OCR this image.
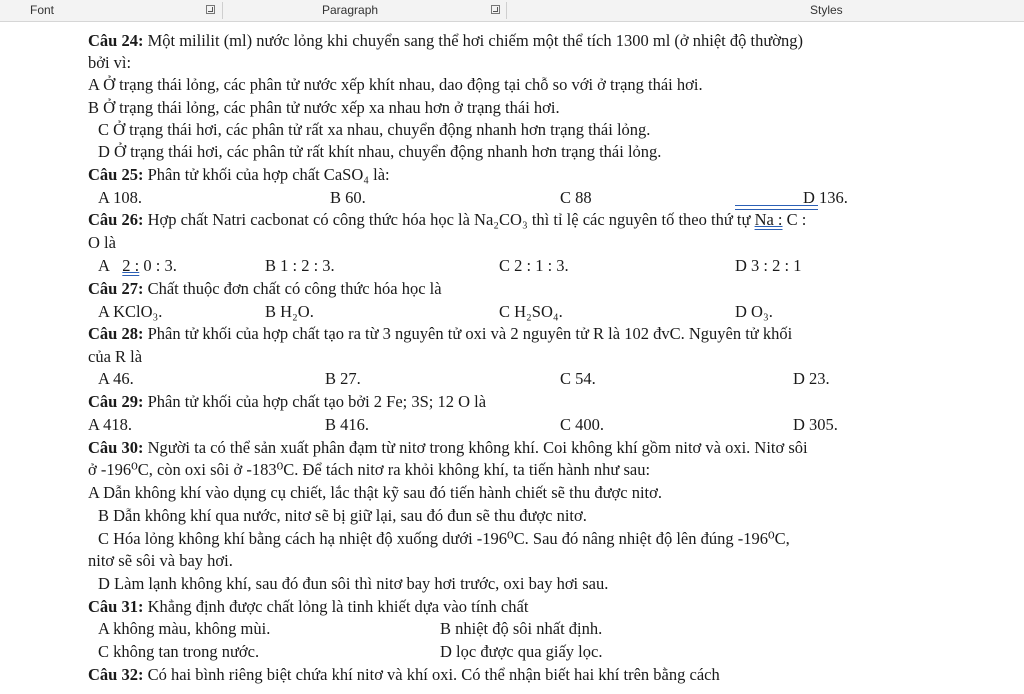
Font	Paragraph	Styles
Câu 24: Một mililit (ml) nước lỏng khi chuyển sang thể hơi chiếm một thể tích 1300 ml (ở nhiệt độ thường)
bởi vì:
A Ở trạng thái lỏng, các phân tử nước xếp khít nhau, dao động tại chỗ so với ở trạng thái hơi.
B Ở trạng thái lỏng, các phân tử nước xếp xa nhau hơn ở trạng thái hơi.
C Ở trạng thái hơi, các phân tử rất xa nhau, chuyển động nhanh hơn trạng thái lỏng.
D Ở trạng thái hơi, các phân tử rất khít nhau, chuyển động nhanh hơn trạng thái lỏng.
Câu 25: Phân tử khối của hợp chất CaSO₄ là:
A 108.	B 60.	C 88	D 136.
Câu 26: Hợp chất Natri cacbonat có công thức hóa học là Na₂CO₃ thì tỉ lệ các nguyên tố theo thứ tự Na : C :
O là
A 2 : 0 : 3.	B 1 : 2 : 3.	C 2 : 1 : 3.	D 3 : 2 : 1
Câu 27: Chất thuộc đơn chất có công thức hóa học là
A KClO₃.	B H₂O.	C H₂SO₄.	D O₃.
Câu 28: Phân tử khối của hợp chất tạo ra từ 3 nguyên tử oxi và 2 nguyên tử R là 102 đvC. Nguyên tử khối
của R là
A 46.	B 27.	C 54.	D 23.
Câu 29: Phân tử khối của hợp chất tạo bởi 2 Fe; 3S; 12 O là
A 418.	B 416.	C 400.	D 305.
Câu 30: Người ta có thể sản xuất phân đạm từ nitơ trong không khí. Coi không khí gồm nitơ và oxi. Nitơ sôi
ở -196⁰C, còn oxi sôi ở -183⁰C. Để tách nitơ ra khỏi không khí, ta tiến hành như sau:
A Dẫn không khí vào dụng cụ chiết, lắc thật kỹ sau đó tiến hành chiết sẽ thu được nitơ.
B Dẫn không khí qua nước, nitơ sẽ bị giữ lại, sau đó đun sẽ thu được nitơ.
C Hóa lỏng không khí bằng cách hạ nhiệt độ xuống dưới -196⁰C. Sau đó nâng nhiệt độ lên đúng -196⁰C,
nitơ sẽ sôi và bay hơi.
D Làm lạnh không khí, sau đó đun sôi thì nitơ bay hơi trước, oxi bay hơi sau.
Câu 31: Khẳng định được chất lỏng là tinh khiết dựa vào tính chất
A không màu, không mùi.	B nhiệt độ sôi nhất định.
C không tan trong nước.	D lọc được qua giấy lọc.
Câu 32: Có hai bình riêng biệt chứa khí nitơ và khí oxi. Có thể nhận biết hai khí trên bằng cách
